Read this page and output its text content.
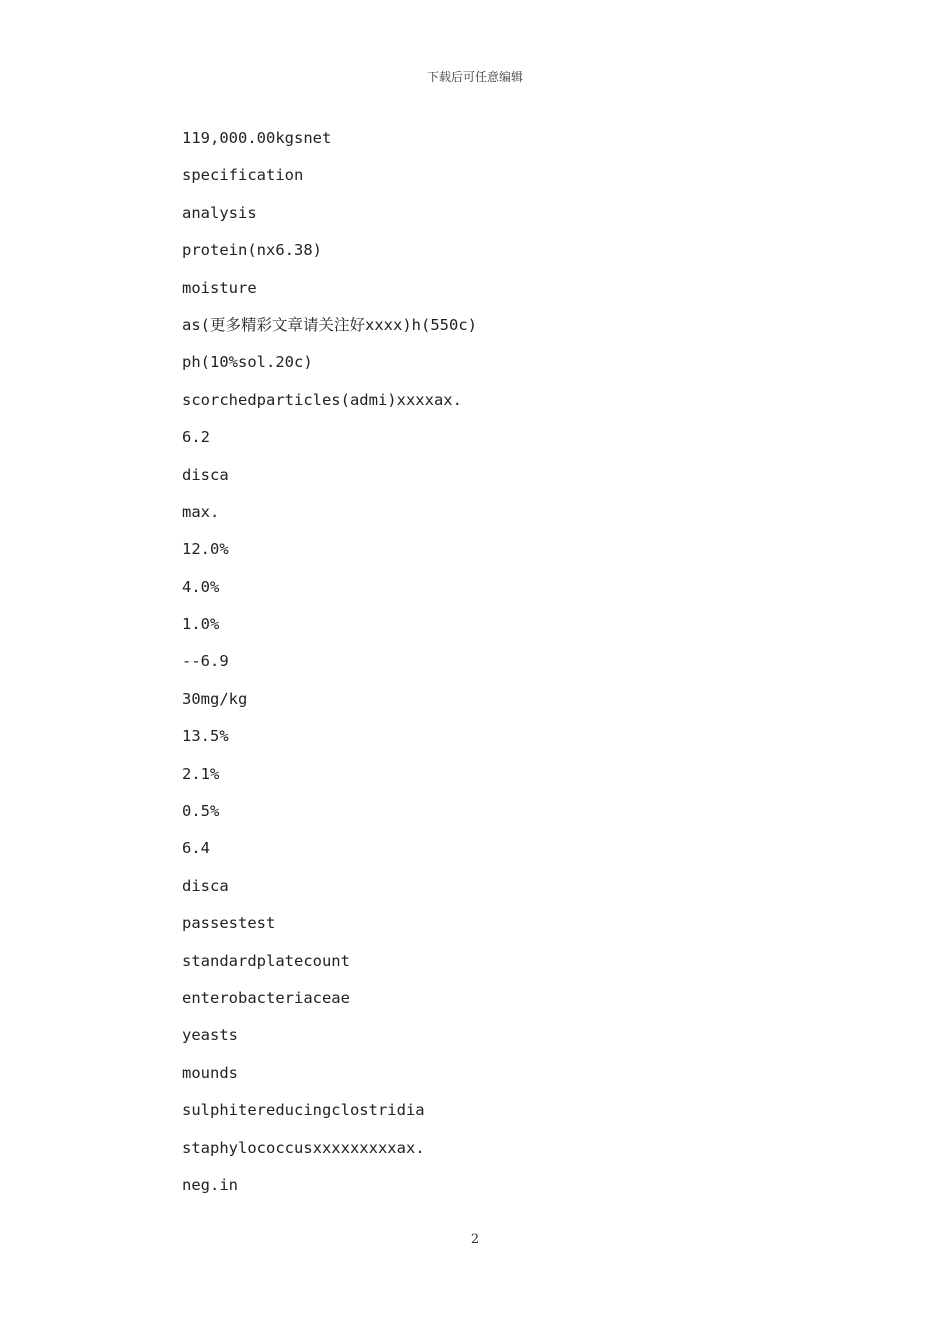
下载后可任意编辑
119,000.00kgsnet
specification
analysis
protein(nx6.38)
moisture
as(更多精彩文章请关注好xxxx)h(550c)
ph(10%sol.20c)
scorchedparticles(admi)xxxxax.
6.2
disca
max.
12.0%
4.0%
1.0%
--6.9
30mg/kg
13.5%
2.1%
0.5%
6.4
disca
passestest
standardplatecount
enterobacteriaceae
yeasts
mounds
sulphitereducingclostridia
staphylococcusxxxxxxxxxax.
neg.in
2
